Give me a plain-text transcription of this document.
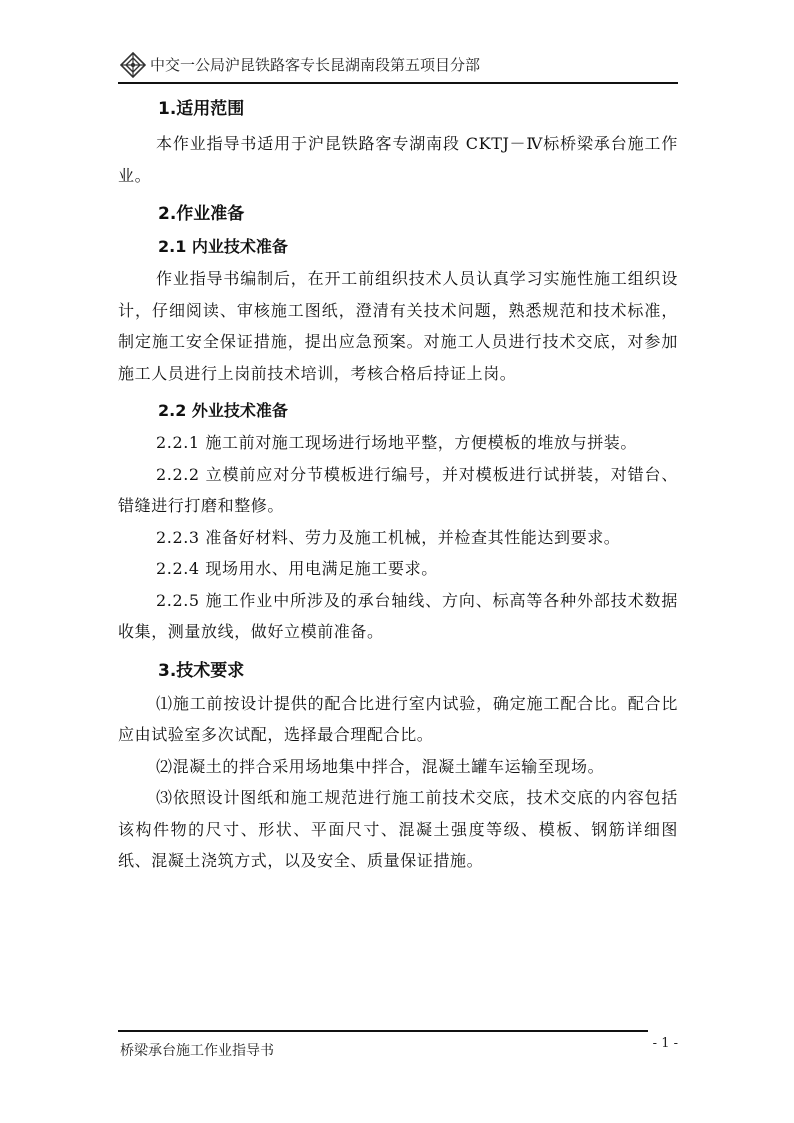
中交一公局沪昆铁路客专长昆湖南段第五项目分部
1.适用范围

本作业指导书适用于沪昆铁路客专湖南段 CKTJ－Ⅳ标桥梁承台施工作业。

2.作业准备
2.1 内业技术准备

作业指导书编制后，在开工前组织技术人员认真学习实施性施工组织设计，仔细阅读、审核施工图纸，澄清有关技术问题，熟悉规范和技术标准，制定施工安全保证措施，提出应急预案。对施工人员进行技术交底，对参加施工人员进行上岗前技术培训，考核合格后持证上岗。

2.2 外业技术准备

2.2.1 施工前对施工现场进行场地平整，方便模板的堆放与拼装。

2.2.2 立模前应对分节模板进行编号，并对模板进行试拼装，对错台、错缝进行打磨和整修。

2.2.3 准备好材料、劳力及施工机械，并检查其性能达到要求。

2.2.4 现场用水、用电满足施工要求。

2.2.5 施工作业中所涉及的承台轴线、方向、标高等各种外部技术数据收集，测量放线，做好立模前准备。

3.技术要求

⑴施工前按设计提供的配合比进行室内试验，确定施工配合比。配合比应由试验室多次试配，选择最合理配合比。

⑵混凝土的拌合采用场地集中拌合，混凝土罐车运输至现场。

⑶依照设计图纸和施工规范进行施工前技术交底，技术交底的内容包括该构件物的尺寸、形状、平面尺寸、混凝土强度等级、模板、钢筋详细图纸、混凝土浇筑方式，以及安全、质量保证措施。

桥梁承台施工作业指导书	- 1 -
